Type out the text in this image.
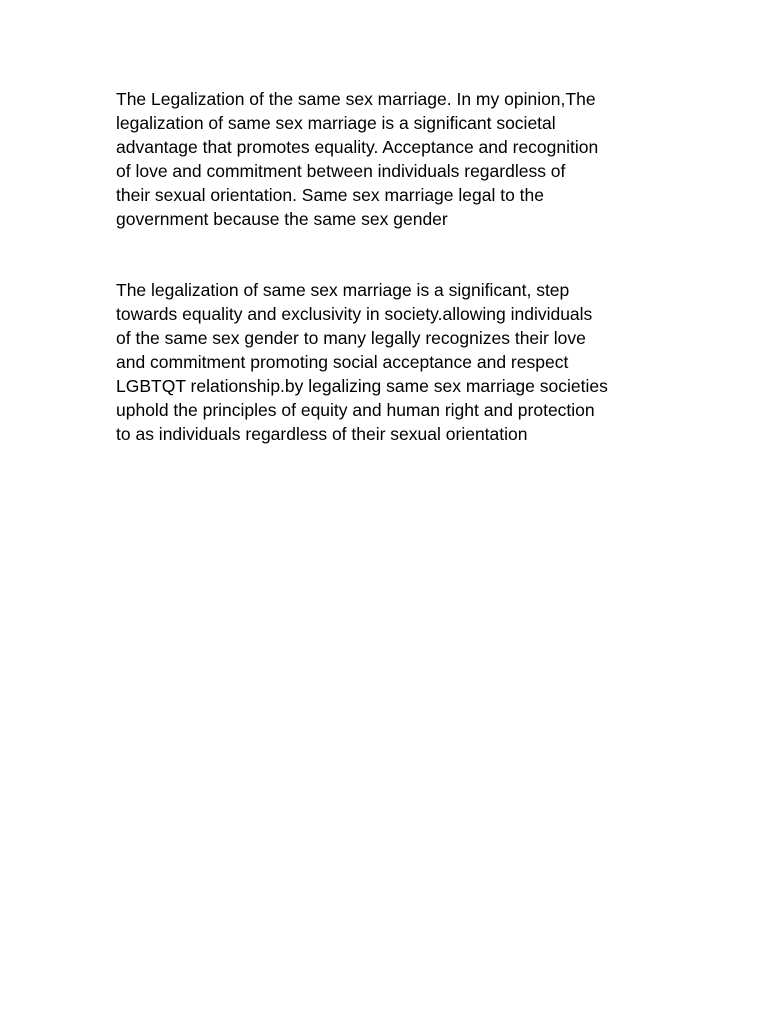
The Legalization of the same sex marriage. In my opinion,The
legalization of same sex marriage is a significant societal
advantage that promotes equality. Acceptance and recognition
of love and commitment between individuals regardless of
their sexual orientation. Same sex marriage legal to the
government because the same sex gender

The legalization of same sex marriage is a significant, step
towards equality and exclusivity in society.allowing individuals
of the same sex gender to many legally recognizes their love
and commitment promoting social acceptance and respect
LGBTQT relationship.by legalizing same sex marriage societies
uphold the principles of equity and human right and protection
to as individuals regardless of their sexual orientation
